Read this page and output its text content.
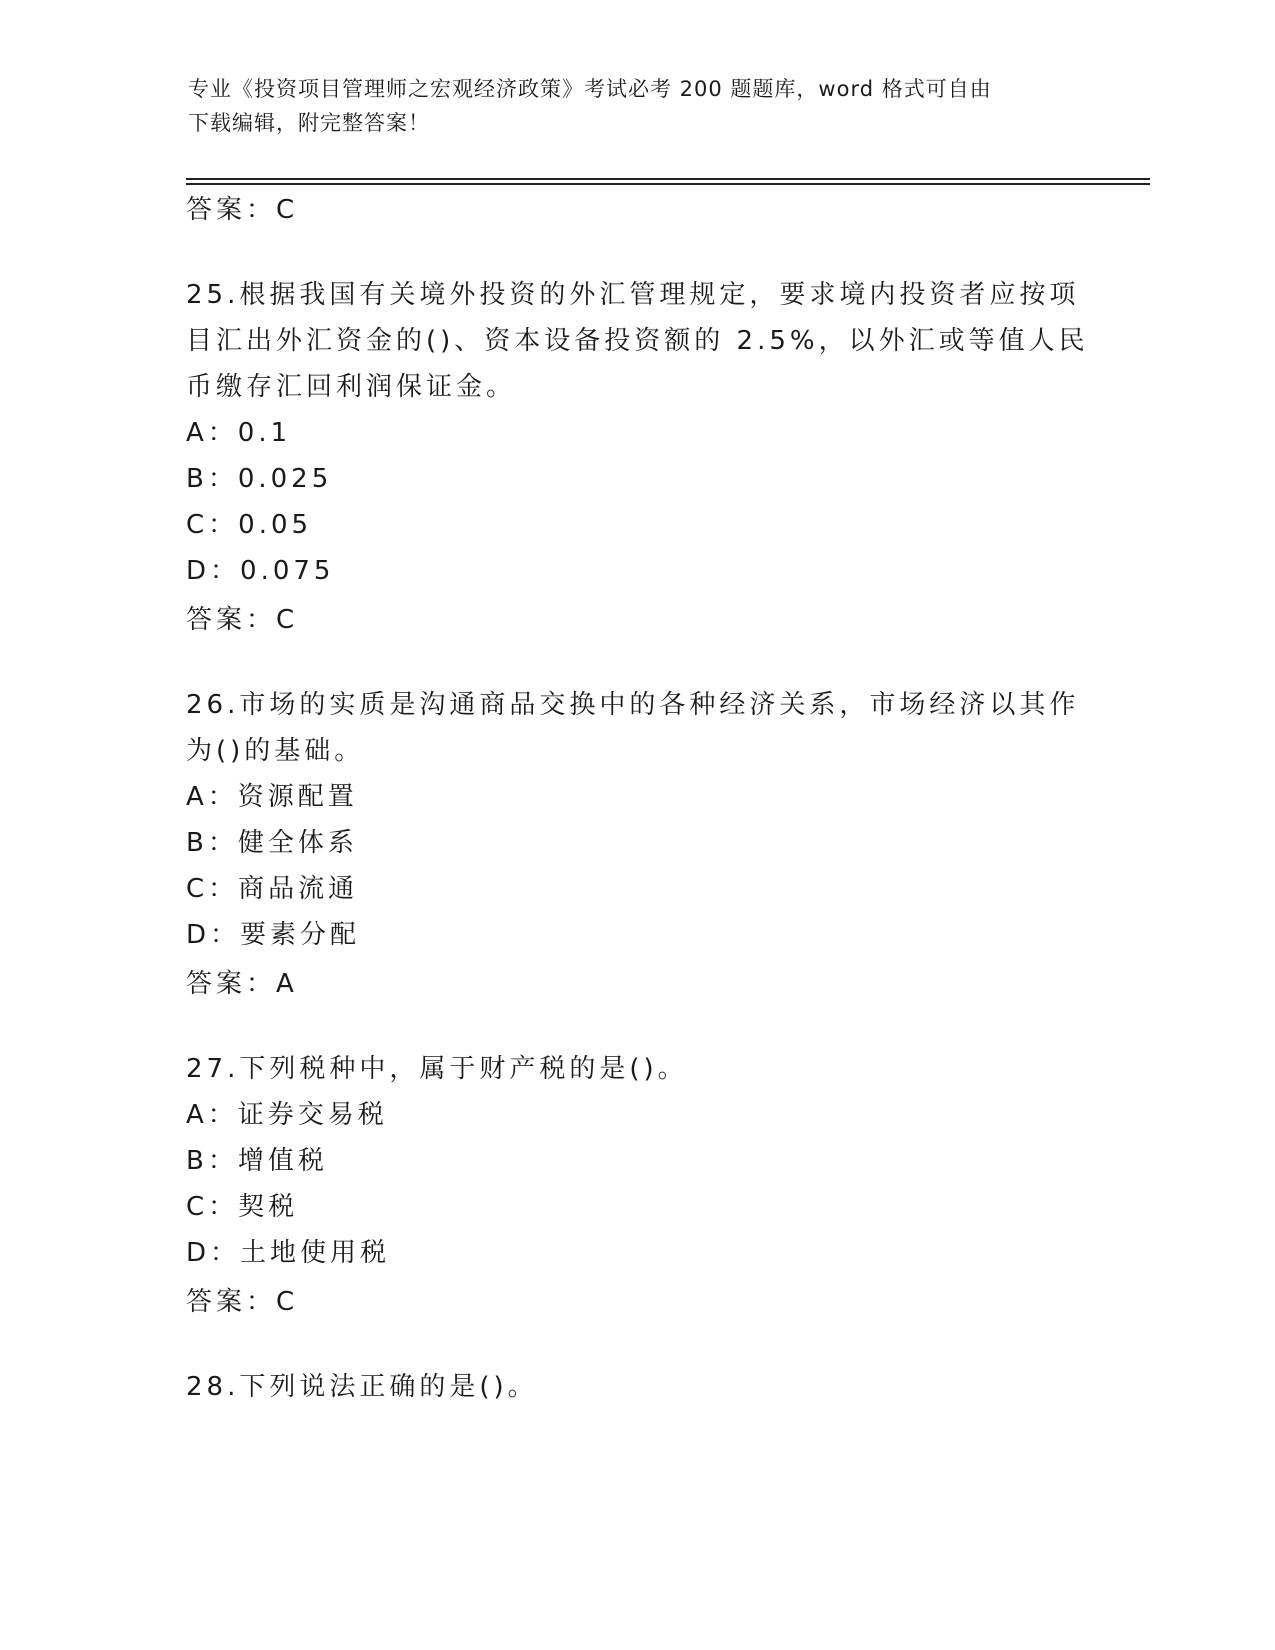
专业《投资项目管理师之宏观经济政策》考试必考 200 题题库，word 格式可自由
下载编辑，附完整答案！
答案：C
25.根据我国有关境外投资的外汇管理规定，要求境内投资者应按项目汇出外汇资金的()、资本设备投资额的 2.5%，以外汇或等值人民币缴存汇回利润保证金。
A：0.1
B：0.025
C：0.05
D：0.075
答案：C
26.市场的实质是沟通商品交换中的各种经济关系，市场经济以其作为()的基础。
A：资源配置
B：健全体系
C：商品流通
D：要素分配
答案：A
27.下列税种中，属于财产税的是()。
A：证券交易税
B：增值税
C：契税
D：土地使用税
答案：C
28.下列说法正确的是()。
